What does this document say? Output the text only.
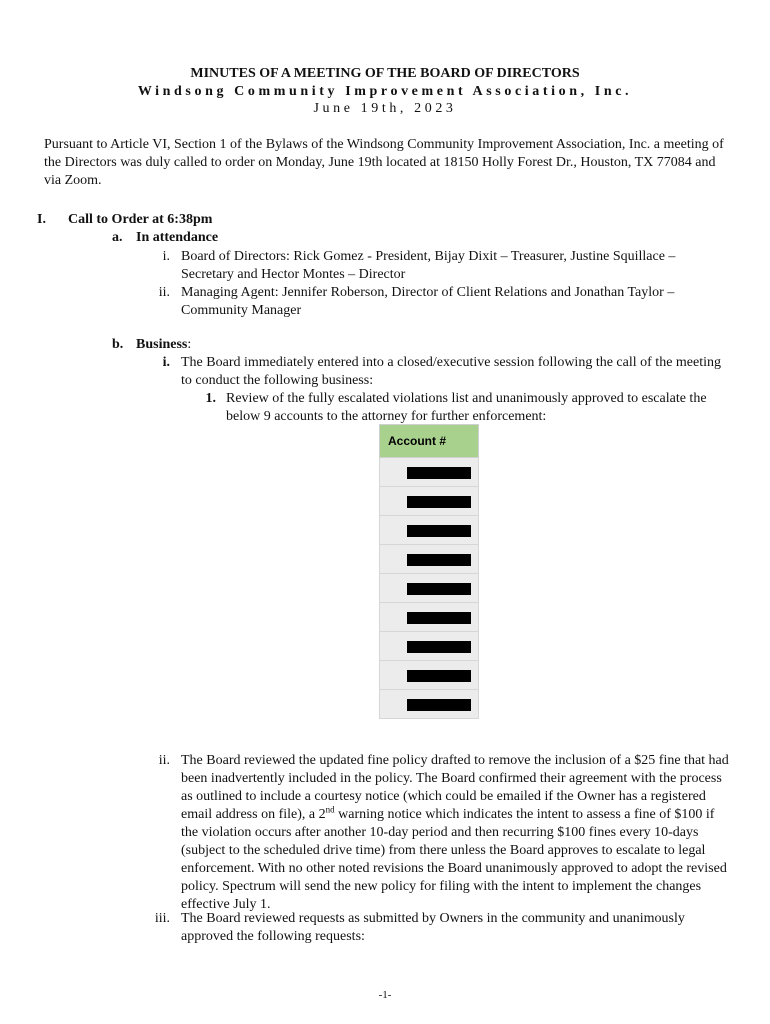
MINUTES OF A MEETING OF THE BOARD OF DIRECTORS
Windsong Community Improvement Association, Inc.
June 19th, 2023
Pursuant to Article VI, Section 1 of the Bylaws of the Windsong Community Improvement Association, Inc. a meeting of the Directors was duly called to order on Monday, June 19th located at 18150 Holly Forest Dr., Houston, TX 77084 and via Zoom.
I. Call to Order at 6:38pm
a. In attendance
i. Board of Directors: Rick Gomez - President, Bijay Dixit – Treasurer, Justine Squillace – Secretary and Hector Montes – Director
ii. Managing Agent: Jennifer Roberson, Director of Client Relations and Jonathan Taylor – Community Manager
b. Business:
i. The Board immediately entered into a closed/executive session following the call of the meeting to conduct the following business:
1. Review of the fully escalated violations list and unanimously approved to escalate the below 9 accounts to the attorney for further enforcement:
Account #

ii. The Board reviewed the updated fine policy drafted to remove the inclusion of a $25 fine that had been inadvertently included in the policy. The Board confirmed their agreement with the process as outlined to include a courtesy notice (which could be emailed if the Owner has a registered email address on file), a 2nd warning notice which indicates the intent to assess a fine of $100 if the violation occurs after another 10-day period and then recurring $100 fines every 10-days (subject to the scheduled drive time) from there unless the Board approves to escalate to legal enforcement. With no other noted revisions the Board unanimously approved to adopt the revised policy. Spectrum will send the new policy for filing with the intent to implement the changes effective July 1.
iii. The Board reviewed requests as submitted by Owners in the community and unanimously approved the following requests:
-1-
